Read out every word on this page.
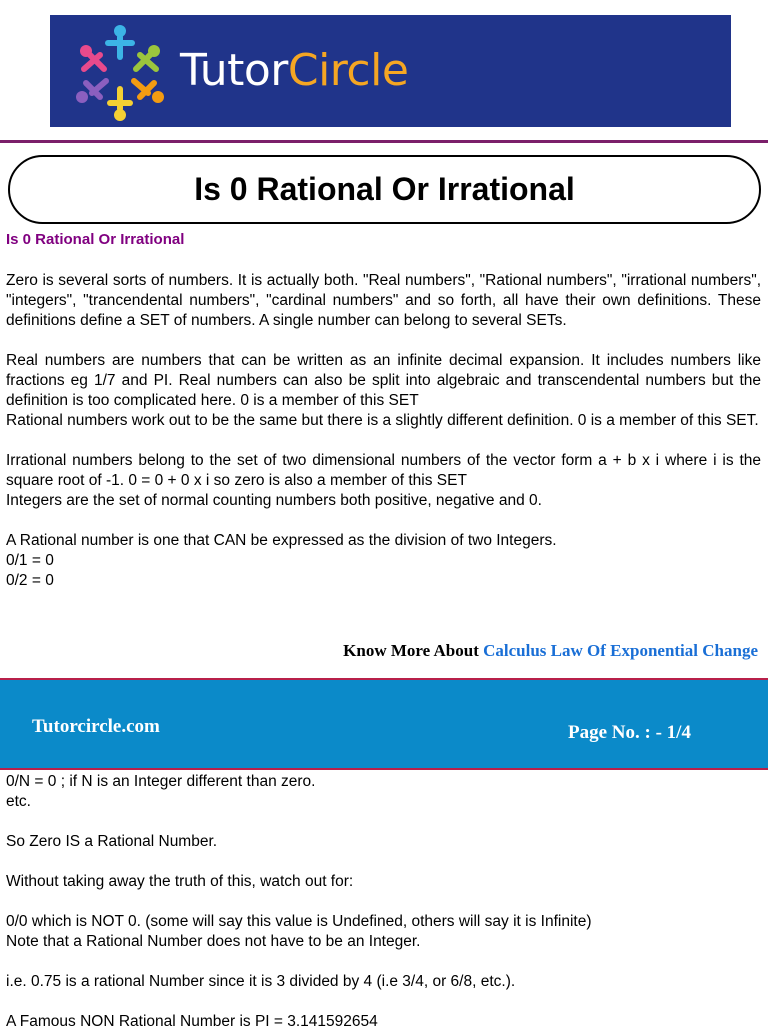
TutorCircle
Is 0 Rational Or Irrational
Is 0 Rational Or Irrational

Zero is several sorts of numbers. It is actually both. "Real numbers", "Rational numbers", "irrational numbers", "integers", "trancendental numbers", "cardinal numbers" and so forth, all have their own definitions. These definitions define a SET of numbers. A single number can belong to several SETs.

Real numbers are numbers that can be written as an infinite decimal expansion. It includes numbers like fractions eg 1/7 and PI. Real numbers can also be split into algebraic and transcendental numbers but the definition is too complicated here. 0 is a member of this SET
Rational numbers work out to be the same but there is a slightly different definition. 0 is a member of this SET.

Irrational numbers belong to the set of two dimensional numbers of the vector form a + b x i where i is the square root of -1. 0 = 0 + 0 x i so zero is also a member of this SET
Integers are the set of normal counting numbers both positive, negative and 0.

A Rational number is one that CAN be expressed as the division of two Integers.
0/1 = 0
0/2 = 0

Know More About Calculus Law Of Exponential Change
Tutorcircle.com	Page No. : - 1/4
0/N = 0 ; if N is an Integer different than zero.
etc.
So Zero IS a Rational Number.
Without taking away the truth of this, watch out for:
0/0 which is NOT 0. (some will say this value is Undefined, others will say it is Infinite)
Note that a Rational Number does not have to be an Integer.
i.e. 0.75 is a rational Number since it is 3 divided by 4 (i.e 3/4, or 6/8, etc.).
A Famous NON Rational Number is PI = 3.141592654
